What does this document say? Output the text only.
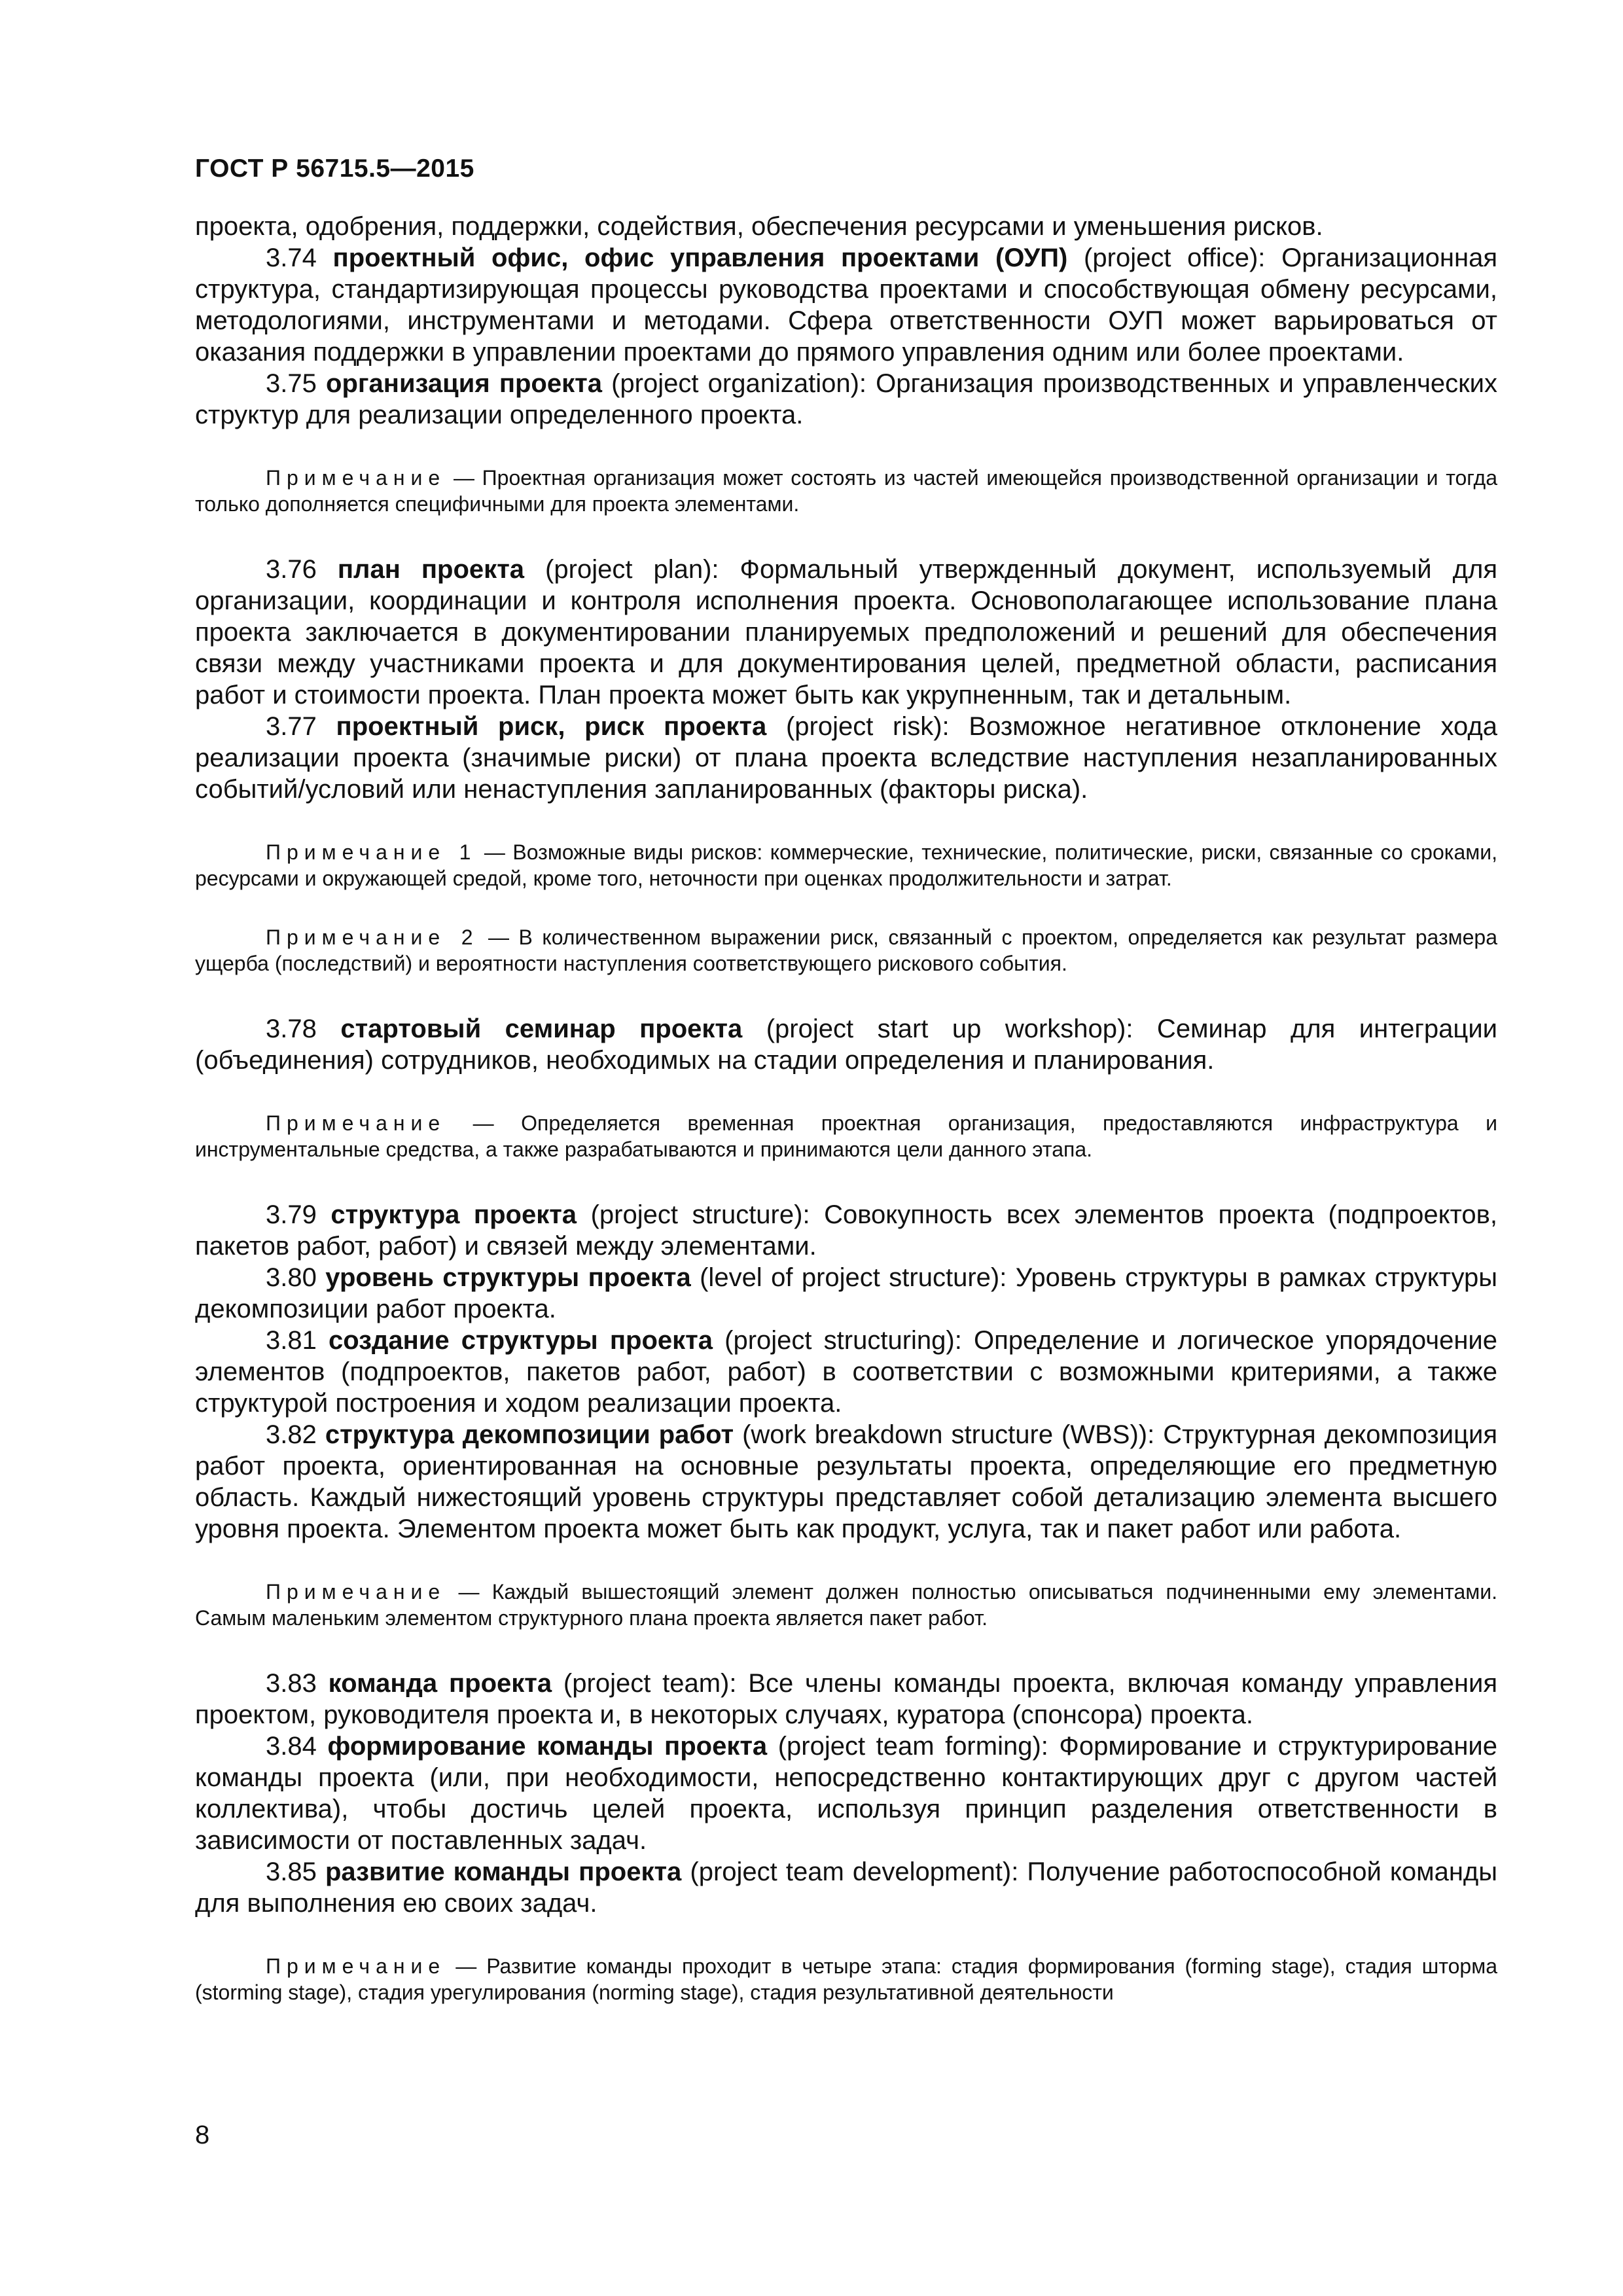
ГОСТ Р 56715.5—2015

проекта, одобрения, поддержки, содействия, обеспечения ресурсами и уменьшения рисков.

3.74 проектный офис, офис управления проектами (ОУП) (project office): Организационная структура, стандартизирующая процессы руководства проектами и способствующая обмену ресурсами, методологиями, инструментами и методами. Сфера ответственности ОУП может варьироваться от оказания поддержки в управлении проектами до прямого управления одним или более проектами.

3.75 организация проекта (project organization): Организация производственных и управленческих структур для реализации определенного проекта.

Примечание — Проектная организация может состоять из частей имеющейся производственной организации и тогда только дополняется специфичными для проекта элементами.

3.76 план проекта (project plan): Формальный утвержденный документ, используемый для организации, координации и контроля исполнения проекта. Основополагающее использование плана проекта заключается в документировании планируемых предположений и решений для обеспечения связи между участниками проекта и для документирования целей, предметной области, расписания работ и стоимости проекта. План проекта может быть как укрупненным, так и детальным.

3.77 проектный риск, риск проекта (project risk): Возможное негативное отклонение хода реализации проекта (значимые риски) от плана проекта вследствие наступления незапланированных событий/условий или ненаступления запланированных (факторы риска).

Примечание 1 — Возможные виды рисков: коммерческие, технические, политические, риски, связанные со сроками, ресурсами и окружающей средой, кроме того, неточности при оценках продолжительности и затрат.

Примечание 2 — В количественном выражении риск, связанный с проектом, определяется как результат размера ущерба (последствий) и вероятности наступления соответствующего рискового события.

3.78 стартовый семинар проекта (project start up workshop): Семинар для интеграции (объединения) сотрудников, необходимых на стадии определения и планирования.

Примечание — Определяется временная проектная организация, предоставляются инфраструктура и инструментальные средства, а также разрабатываются и принимаются цели данного этапа.

3.79 структура проекта (project structure): Совокупность всех элементов проекта (подпроектов, пакетов работ, работ) и связей между элементами.

3.80 уровень структуры проекта (level of project structure): Уровень структуры в рамках структуры декомпозиции работ проекта.

3.81 создание структуры проекта (project structuring): Определение и логическое упорядочение элементов (подпроектов, пакетов работ, работ) в соответствии с возможными критериями, а также структурой построения и ходом реализации проекта.

3.82 структура декомпозиции работ (work breakdown structure (WBS)): Структурная декомпозиция работ проекта, ориентированная на основные результаты проекта, определяющие его предметную область. Каждый нижестоящий уровень структуры представляет собой детализацию элемента высшего уровня проекта. Элементом проекта может быть как продукт, услуга, так и пакет работ или работа.

Примечание — Каждый вышестоящий элемент должен полностью описываться подчиненными ему элементами. Самым маленьким элементом структурного плана проекта является пакет работ.

3.83 команда проекта (project team): Все члены команды проекта, включая команду управления проектом, руководителя проекта и, в некоторых случаях, куратора (спонсора) проекта.

3.84 формирование команды проекта (project team forming): Формирование и структурирование команды проекта (или, при необходимости, непосредственно контактирующих друг с другом частей коллектива), чтобы достичь целей проекта, используя принцип разделения ответственности в зависимости от поставленных задач.

3.85 развитие команды проекта (project team development): Получение работоспособной команды для выполнения ею своих задач.

Примечание — Развитие команды проходит в четыре этапа: стадия формирования (forming stage), стадия шторма (storming stage), стадия урегулирования (norming stage), стадия результативной деятельности

8
